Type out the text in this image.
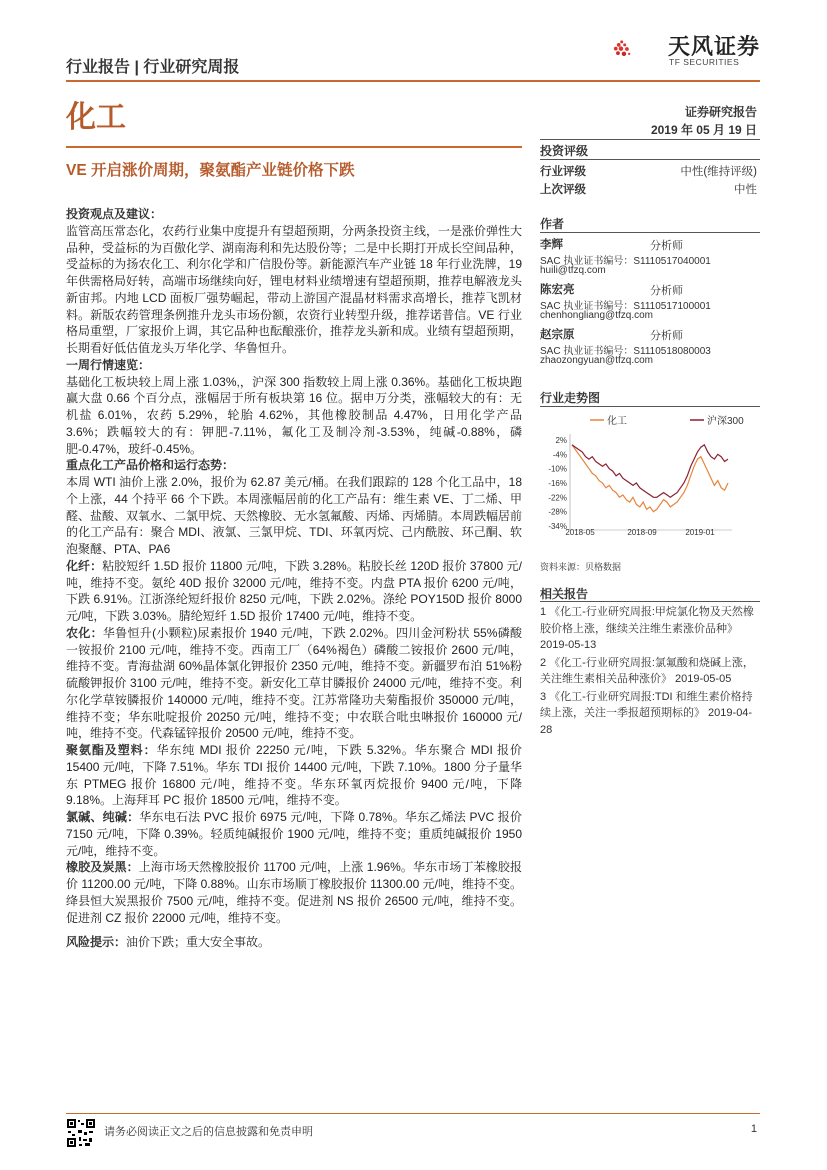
行业报告 | 行业研究周报
天风证券
TF SECURITIES
化工	证券研究报告
2019 年 05 月 19 日
VE 开启涨价周期，聚氨酯产业链价格下跌

投资观点及建议：

监管高压常态化，农药行业集中度提升有望超预期，分两条投资主线，一是涨价弹性大品种，受益标的为百傲化学、湖南海利和先达股份等；二是中长期打开成长空间品种，受益标的为扬农化工、利尔化学和广信股份等。新能源汽车产业链 18 年行业洗牌，19 年供需格局好转，高端市场继续向好，锂电材料业绩增速有望超预期，推荐电解液龙头新宙邦。内地 LCD 面板厂强势崛起，带动上游国产混晶材料需求高增长，推荐飞凯材料。新版农药管理条例推升龙头市场份额，农资行业转型升级，推荐诺普信。VE 行业格局重塑，厂家报价上调，其它品种也酝酿涨价，推荐龙头新和成。业绩有望超预期，长期看好低估值龙头万华化学、华鲁恒升。

一周行情速览：

基础化工板块较上周上涨 1.03%,，沪深 300 指数较上周上涨 0.36%。基础化工板块跑赢大盘 0.66 个百分点，涨幅居于所有板块第 16 位。据申万分类，涨幅较大的有：无机盐 6.01%，农药 5.29%，轮胎 4.62%，其他橡胶制品 4.47%，日用化学产品 3.6%；跌幅较大的有：钾肥-7.11%，氟化工及制冷剂-3.53%，纯碱-0.88%，磷肥-0.47%，玻纤-0.45%。

重点化工产品价格和运行态势：

本周 WTI 油价上涨 2.0%，报价为 62.87 美元/桶。在我们跟踪的 128 个化工品中，18 个上涨，44 个持平 66 个下跌。本周涨幅居前的化工产品有：维生素 VE、丁二烯、甲醛、盐酸、双氧水、二氯甲烷、天然橡胶、无水氢氟酸、丙烯、丙烯腈。本周跌幅居前的化工产品有：聚合 MDI、液氯、三氯甲烷、TDI、环氧丙烷、己内酰胺、环己酮、软泡聚醚、PTA、PA6

化纤：粘胶短纤 1.5D 报价 11800 元/吨，下跌 3.28%。粘胶长丝 120D 报价 37800 元/吨，维持不变。氨纶 40D 报价 32000 元/吨，维持不变。内盘 PTA 报价 6200 元/吨，下跌 6.91%。江浙涤纶短纤报价 8250 元/吨，下跌 2.02%。涤纶 POY150D 报价 8000 元/吨，下跌 3.03%。腈纶短纤 1.5D 报价 17400 元/吨，维持不变。

农化：华鲁恒升(小颗粒)尿素报价 1940 元/吨，下跌 2.02%。四川金河粉状 55%磷酸一铵报价 2100 元/吨，维持不变。西南工厂（64%褐色）磷酸二铵报价 2600 元/吨，维持不变。青海盐湖 60%晶体氯化钾报价 2350 元/吨，维持不变。新疆罗布泊 51%粉硫酸钾报价 3100 元/吨，维持不变。新安化工草甘膦报价 24000 元/吨，维持不变。利尔化学草铵膦报价 140000 元/吨，维持不变。江苏常隆功夫菊酯报价 350000 元/吨，维持不变；华东吡啶报价 20250 元/吨，维持不变；中农联合吡虫啉报价 160000 元/吨，维持不变。代森锰锌报价 20500 元/吨，维持不变。

聚氨酯及塑料：华东纯 MDI 报价 22250 元/吨，下跌 5.32%。华东聚合 MDI 报价 15400 元/吨，下降 7.51%。华东 TDI 报价 14400 元/吨，下跌 7.10%。1800 分子量华东 PTMEG 报价 16800 元/吨，维持不变。华东环氧丙烷报价 9400 元/吨，下降 9.18%。上海拜耳 PC 报价 18500 元/吨，维持不变。

氯碱、纯碱：华东电石法 PVC 报价 6975 元/吨，下降 0.78%。华东乙烯法 PVC 报价 7150 元/吨，下降 0.39%。轻质纯碱报价 1900 元/吨，维持不变；重质纯碱报价 1950 元/吨，维持不变。

橡胶及炭黑：上海市场天然橡胶报价 11700 元/吨，上涨 1.96%。华东市场丁苯橡胶报价 11200.00 元/吨，下降 0.88%。山东市场顺丁橡胶报价 11300.00 元/吨，维持不变。绛县恒大炭黑报价 7500 元/吨，维持不变。促进剂 NS 报价 26500 元/吨，维持不变。促进剂 CZ 报价 22000 元/吨，维持不变。

风险提示：油价下跌；重大安全事故。

投资评级
行业评级	中性(维持评级)
上次评级	中性
作者
李辉	分析师
SAC 执业证书编号：S1110517040001
huili@tfzq.com
陈宏亮	分析师
SAC 执业证书编号：S1110517100001
chenhongliang@tfzq.com
赵宗原	分析师
SAC 执业证书编号：S1110518080003
zhaozongyuan@tfzq.com
行业走势图
化工	沪深300
2%
-4%
-10%
-16%
-22%
-28%
-34%
2018-05	2018-09	2019-01
资料来源：贝格数据
相关报告
1 《化工-行业研究周报:甲烷氯化物及天然橡胶价格上涨，继续关注维生素涨价品种》 2019-05-13
2 《化工-行业研究周报:氯氟酸和烧碱上涨，关注维生素相关品种涨价》 2019-05-05
3 《化工-行业研究周报:TDI 和维生素价格持续上涨，关注一季报超预期标的》 2019-04-28
请务必阅读正文之后的信息披露和免责申明	1
